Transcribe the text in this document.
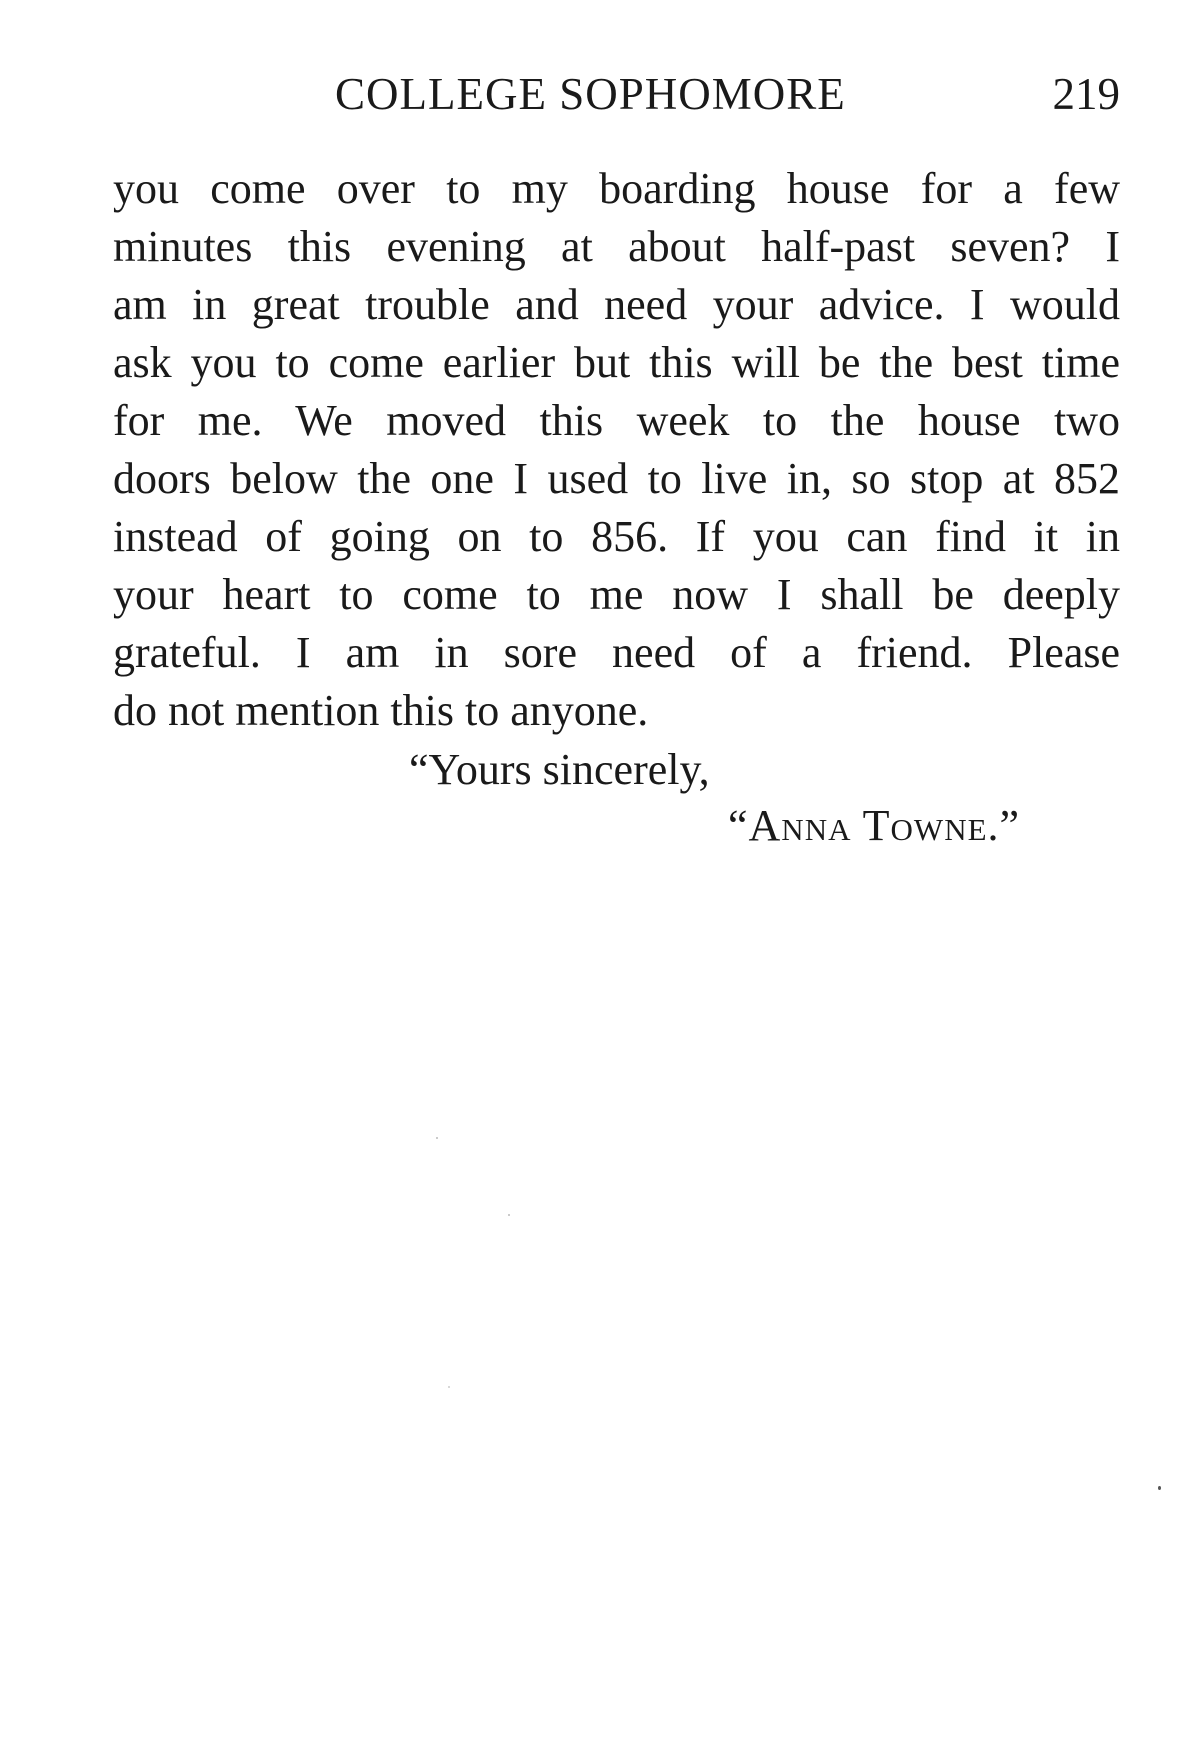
COLLEGE SOPHOMORE	219
you come over to my boarding house for a few
minutes this evening at about half-past seven? I
am in great trouble and need your advice. I would
ask you to come earlier but this will be the best time
for me. We moved this week to the house two
doors below the one I used to live in, so stop at 852
instead of going on to 856. If you can find it in
your heart to come to me now I shall be deeply
grateful. I am in sore need of a friend. Please
do not mention this to anyone.
“Yours sincerely,
“Anna Towne.”
